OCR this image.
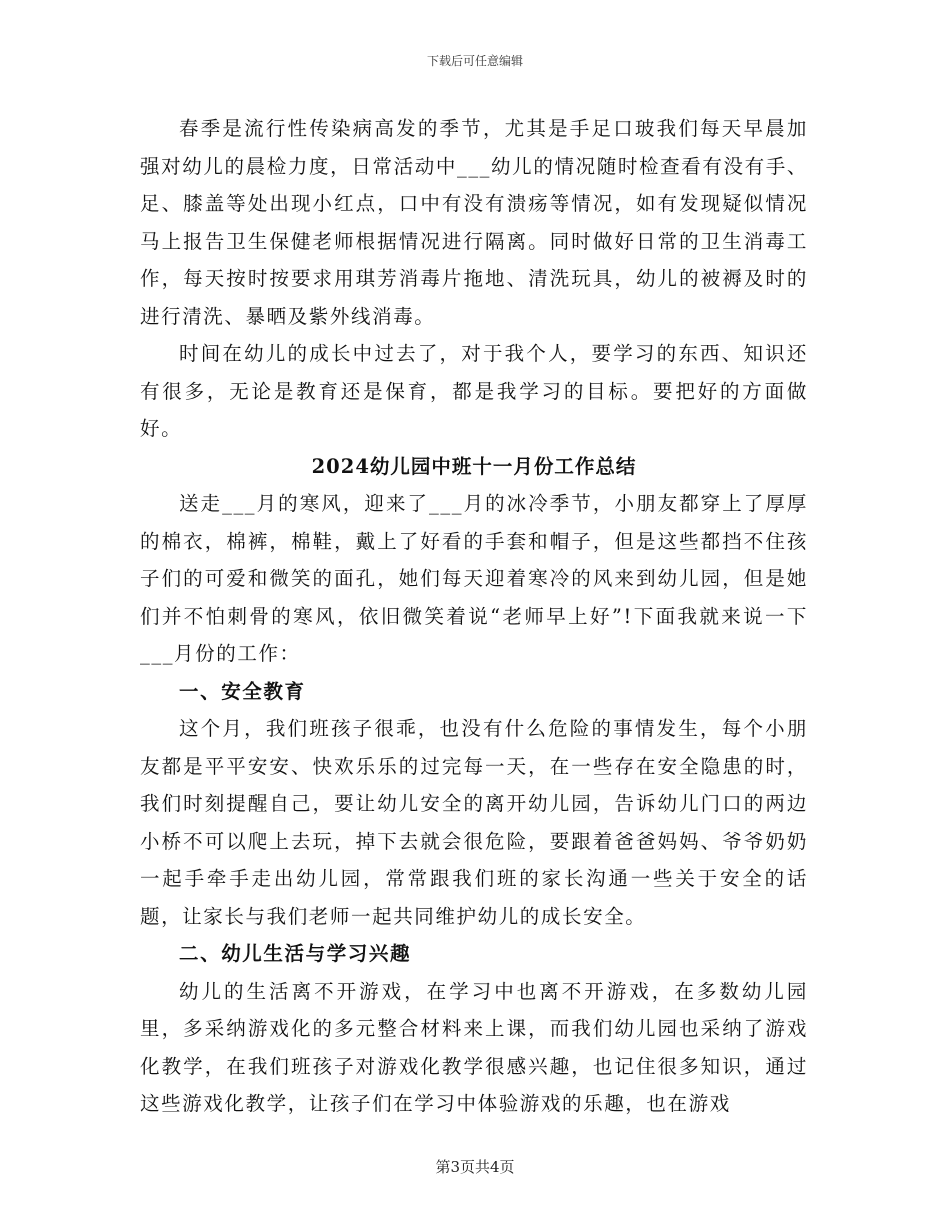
下载后可任意编辑

春季是流行性传染病高发的季节，尤其是手足口玻我们每天早晨加强对幼儿的晨检力度，日常活动中___幼儿的情况随时检查看有没有手、足、膝盖等处出现小红点，口中有没有溃疡等情况，如有发现疑似情况马上报告卫生保健老师根据情况进行隔离。同时做好日常的卫生消毒工作，每天按时按要求用琪芳消毒片拖地、清洗玩具，幼儿的被褥及时的进行清洗、暴晒及紫外线消毒。

时间在幼儿的成长中过去了，对于我个人，要学习的东西、知识还有很多，无论是教育还是保育，都是我学习的目标。要把好的方面做好。

2024幼儿园中班十一月份工作总结

送走___月的寒风，迎来了___月的冰冷季节，小朋友都穿上了厚厚的棉衣，棉裤，棉鞋，戴上了好看的手套和帽子，但是这些都挡不住孩子们的可爱和微笑的面孔，她们每天迎着寒冷的风来到幼儿园，但是她们并不怕刺骨的寒风，依旧微笑着说“老师早上好”!下面我就来说一下___月份的工作：

一、安全教育

这个月，我们班孩子很乖，也没有什么危险的事情发生，每个小朋友都是平平安安、快欢乐乐的过完每一天，在一些存在安全隐患的时，我们时刻提醒自己，要让幼儿安全的离开幼儿园，告诉幼儿门口的两边小桥不可以爬上去玩，掉下去就会很危险，要跟着爸爸妈妈、爷爷奶奶一起手牵手走出幼儿园，常常跟我们班的家长沟通一些关于安全的话题，让家长与我们老师一起共同维护幼儿的成长安全。

二、幼儿生活与学习兴趣

幼儿的生活离不开游戏，在学习中也离不开游戏，在多数幼儿园里，多采纳游戏化的多元整合材料来上课，而我们幼儿园也采纳了游戏化教学，在我们班孩子对游戏化教学很感兴趣，也记住很多知识，通过这些游戏化教学，让孩子们在学习中体验游戏的乐趣，也在游戏

第3页共4页
